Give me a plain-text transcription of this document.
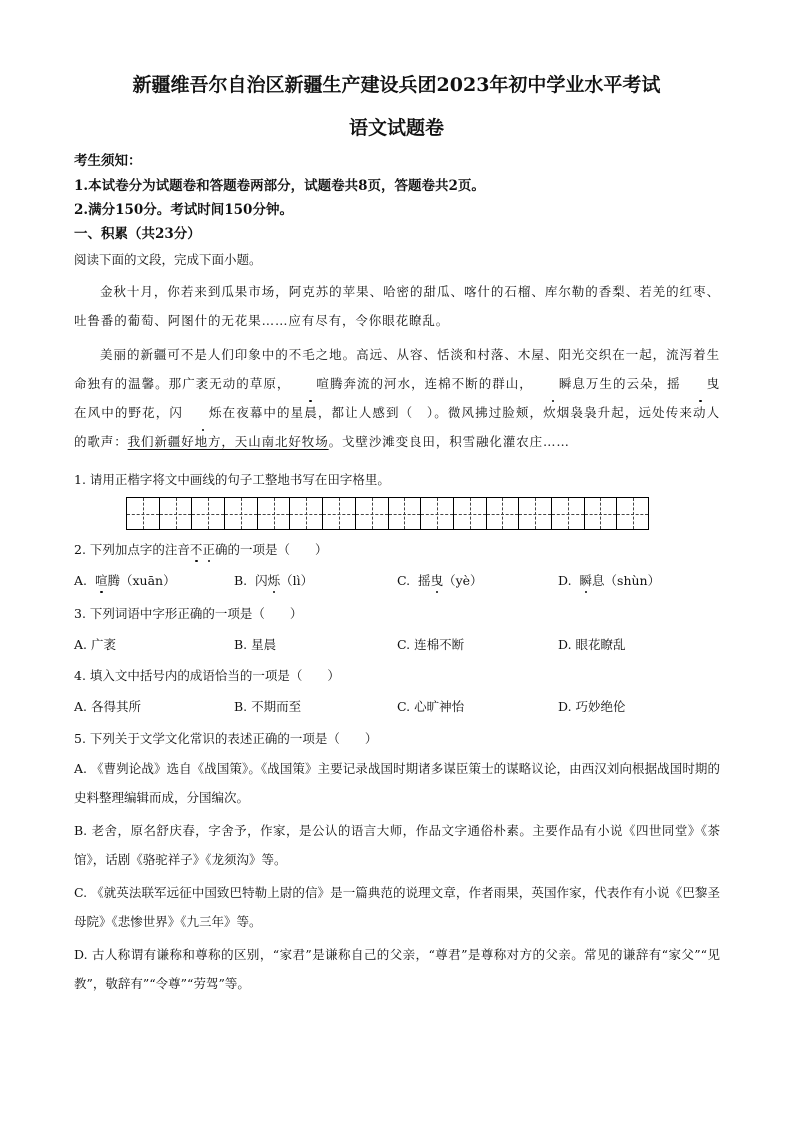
新疆维吾尔自治区新疆生产建设兵团2023年初中学业水平考试
语文试题卷
考生须知：
1.本试卷分为试题卷和答题卷两部分，试题卷共8页，答题卷共2页。
2.满分150分。考试时间150分钟。
一、积累（共23分）
阅读下面的文段，完成下面小题。
金秋十月，你若来到瓜果市场，阿克苏的苹果、哈密的甜瓜、喀什的石榴、库尔勒的香梨、若羌的红枣、吐鲁番的葡萄、阿图什的无花果……应有尽有，令你眼花瞭乱。
美丽的新疆可不是人们印象中的不毛之地。高远、从容、恬淡和村落、木屋、阳光交织在一起，流泻着生命独有的温馨。那广袤无动的草原， 喧腾奔流的河水，连棉不断的群山， 瞬息万生的云朵，摇 曳在风中的野花，闪 烁在夜幕中的星晨，都让人感到（　）。微风拂过脸颊，炊烟袅袅升起，远处传来动人的歌声：我们新疆好地方，天山南北好牧场。戈壁沙滩变良田，积雪融化灌农庄……
1. 请用正楷字将文中画线的句子工整地书写在田字格里。
2. 下列加点字的注音不正确的一项是（　　）
A. 喧腾（xuān）	B. 闪烁（lì）	C. 摇曳（yè）	D. 瞬息（shùn）
3. 下列词语中字形正确的一项是（　　）
A. 广袤	B. 星晨	C. 连棉不断	D. 眼花瞭乱
4. 填入文中括号内的成语恰当的一项是（　　）
A. 各得其所	B. 不期而至	C. 心旷神怡	D. 巧妙绝伦
5. 下列关于文学文化常识的表述正确的一项是（　　）
A. 《曹刿论战》选自《战国策》。《战国策》主要记录战国时期诸多谋臣策士的谋略议论，由西汉刘向根据战国时期的史料整理编辑而成，分国编次。
B. 老舍，原名舒庆春，字舍予，作家，是公认的语言大师，作品文字通俗朴素。主要作品有小说《四世同堂》《茶馆》，话剧《骆驼祥子》《龙须沟》等。
C. 《就英法联军远征中国致巴特勒上尉的信》是一篇典范的说理文章，作者雨果，英国作家，代表作有小说《巴黎圣母院》《悲惨世界》《九三年》等。
D. 古人称谓有谦称和尊称的区别，“家君”是谦称自己的父亲，“尊君”是尊称对方的父亲。常见的谦辞有“家父”“见教”，敬辞有”“令尊”“劳驾”等。
